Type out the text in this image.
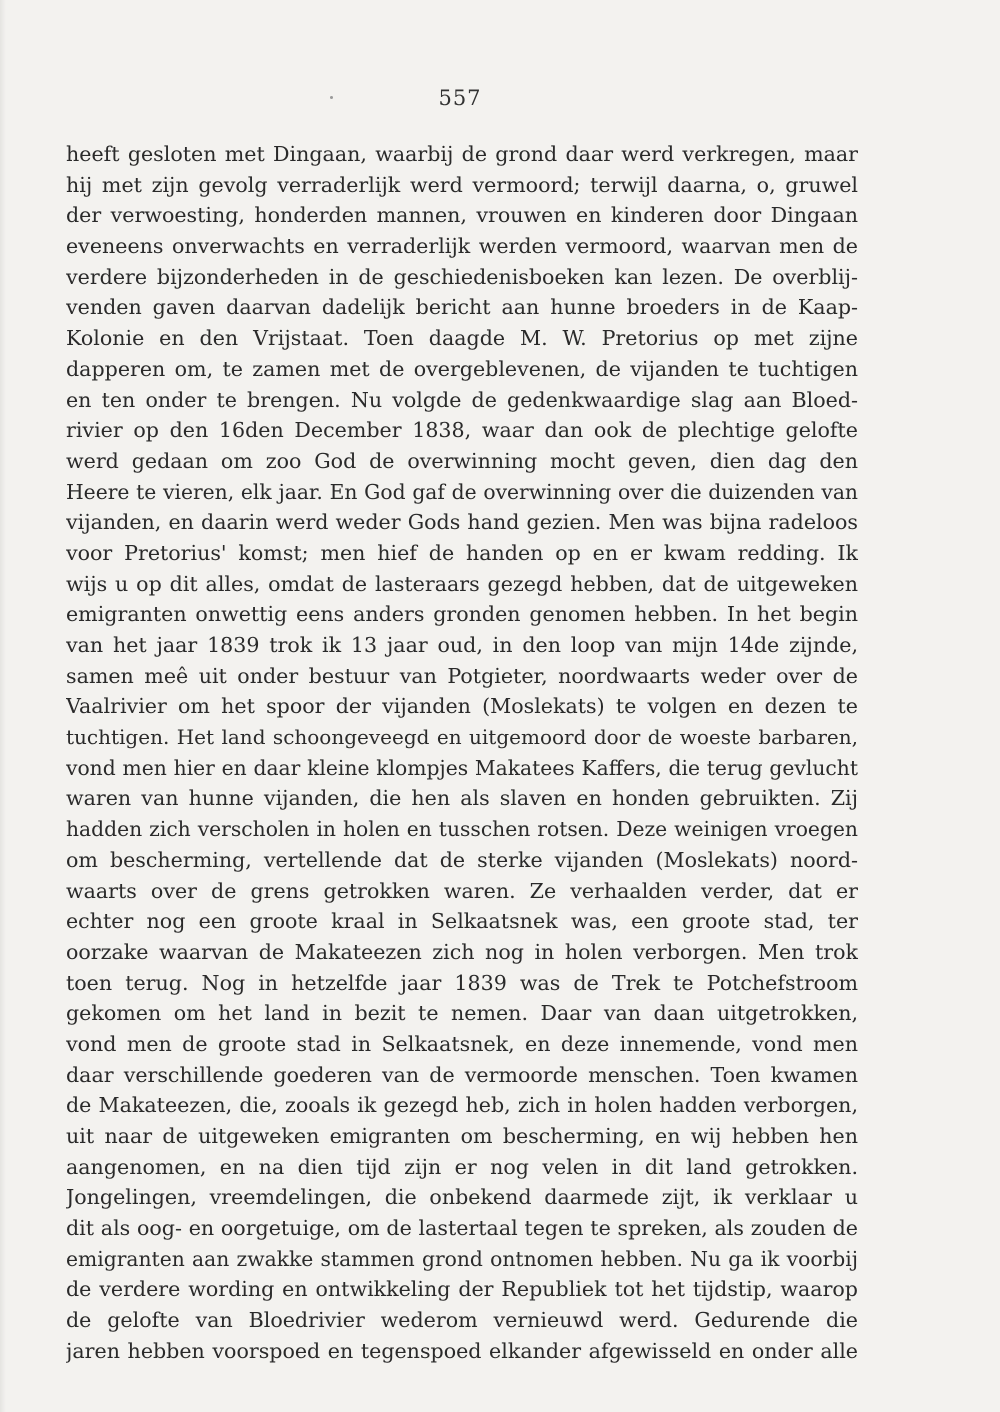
557
heeft gesloten met Dingaan, waarbij de grond daar werd verkregen, maar
hij met zijn gevolg verraderlijk werd vermoord; terwijl daarna, o, gruwel
der verwoesting, honderden mannen, vrouwen en kinderen door Dingaan
eveneens onverwachts en verraderlijk werden vermoord, waarvan men de
verdere bijzonderheden in de geschiedenisboeken kan lezen. De overblij-
venden gaven daarvan dadelijk bericht aan hunne broeders in de Kaap-
Kolonie en den Vrijstaat. Toen daagde M. W. Pretorius op met zijne
dapperen om, te zamen met de overgeblevenen, de vijanden te tuchtigen
en ten onder te brengen. Nu volgde de gedenkwaardige slag aan Bloed-
rivier op den 16den December 1838, waar dan ook de plechtige gelofte
werd gedaan om zoo God de overwinning mocht geven, dien dag den
Heere te vieren, elk jaar. En God gaf de overwinning over die duizenden van
vijanden, en daarin werd weder Gods hand gezien. Men was bijna radeloos
voor Pretorius' komst; men hief de handen op en er kwam redding. Ik
wijs u op dit alles, omdat de lasteraars gezegd hebben, dat de uitgeweken
emigranten onwettig eens anders gronden genomen hebben. In het begin
van het jaar 1839 trok ik 13 jaar oud, in den loop van mijn 14de zijnde,
samen meê uit onder bestuur van Potgieter, noordwaarts weder over de
Vaalrivier om het spoor der vijanden (Moslekats) te volgen en dezen te
tuchtigen. Het land schoongeveegd en uitgemoord door de woeste barbaren,
vond men hier en daar kleine klompjes Makatees Kaffers, die terug gevlucht
waren van hunne vijanden, die hen als slaven en honden gebruikten. Zij
hadden zich verscholen in holen en tusschen rotsen. Deze weinigen vroegen
om bescherming, vertellende dat de sterke vijanden (Moslekats) noord-
waarts over de grens getrokken waren. Ze verhaalden verder, dat er
echter nog een groote kraal in Selkaatsnek was, een groote stad, ter
oorzake waarvan de Makateezen zich nog in holen verborgen. Men trok
toen terug. Nog in hetzelfde jaar 1839 was de Trek te Potchefstroom
gekomen om het land in bezit te nemen. Daar van daan uitgetrokken,
vond men de groote stad in Selkaatsnek, en deze innemende, vond men
daar verschillende goederen van de vermoorde menschen. Toen kwamen
de Makateezen, die, zooals ik gezegd heb, zich in holen hadden verborgen,
uit naar de uitgeweken emigranten om bescherming, en wij hebben hen
aangenomen, en na dien tijd zijn er nog velen in dit land getrokken.
Jongelingen, vreemdelingen, die onbekend daarmede zijt, ik verklaar u
dit als oog- en oorgetuige, om de lastertaal tegen te spreken, als zouden de
emigranten aan zwakke stammen grond ontnomen hebben. Nu ga ik voorbij
de verdere wording en ontwikkeling der Republiek tot het tijdstip, waarop
de gelofte van Bloedrivier wederom vernieuwd werd. Gedurende die
jaren hebben voorspoed en tegenspoed elkander afgewisseld en onder alle
